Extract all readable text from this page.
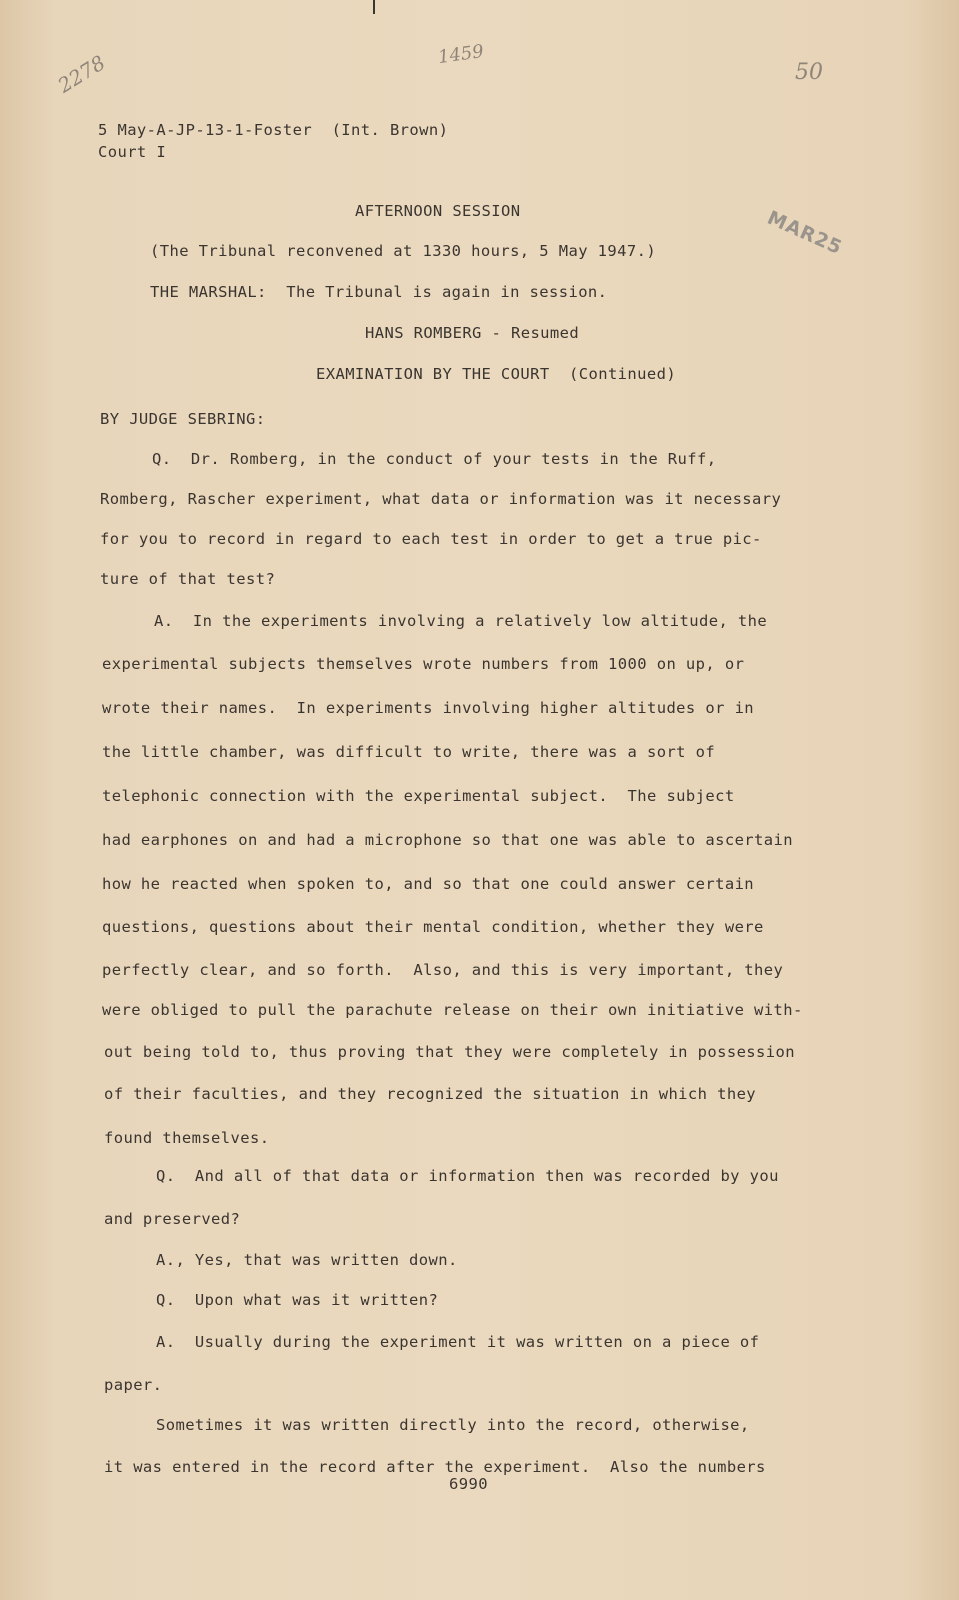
2278	1459
50
MAR25
5 May-A-JP-13-1-Foster  (Int. Brown)
Court I
AFTERNOON SESSION
(The Tribunal reconvened at 1330 hours, 5 May 1947.)
THE MARSHAL:  The Tribunal is again in session.
HANS ROMBERG - Resumed
EXAMINATION BY THE COURT  (Continued)
BY JUDGE SEBRING:
Q.  Dr. Romberg, in the conduct of your tests in the Ruff,
Romberg, Rascher experiment, what data or information was it necessary
for you to record in regard to each test in order to get a true pic-
ture of that test?
A.  In the experiments involving a relatively low altitude, the
experimental subjects themselves wrote numbers from 1000 on up, or
wrote their names.  In experiments involving higher altitudes or in
the little chamber, was difficult to write, there was a sort of
telephonic connection with the experimental subject.  The subject
had earphones on and had a microphone so that one was able to ascertain
how he reacted when spoken to, and so that one could answer certain
questions, questions about their mental condition, whether they were
perfectly clear, and so forth.  Also, and this is very important, they
were obliged to pull the parachute release on their own initiative with-
out being told to, thus proving that they were completely in possession
of their faculties, and they recognized the situation in which they
found themselves.
Q.  And all of that data or information then was recorded by you
and preserved?
A., Yes, that was written down.
Q.  Upon what was it written?
A.  Usually during the experiment it was written on a piece of
paper.
Sometimes it was written directly into the record, otherwise,
it was entered in the record after the experiment.  Also the numbers
6990
